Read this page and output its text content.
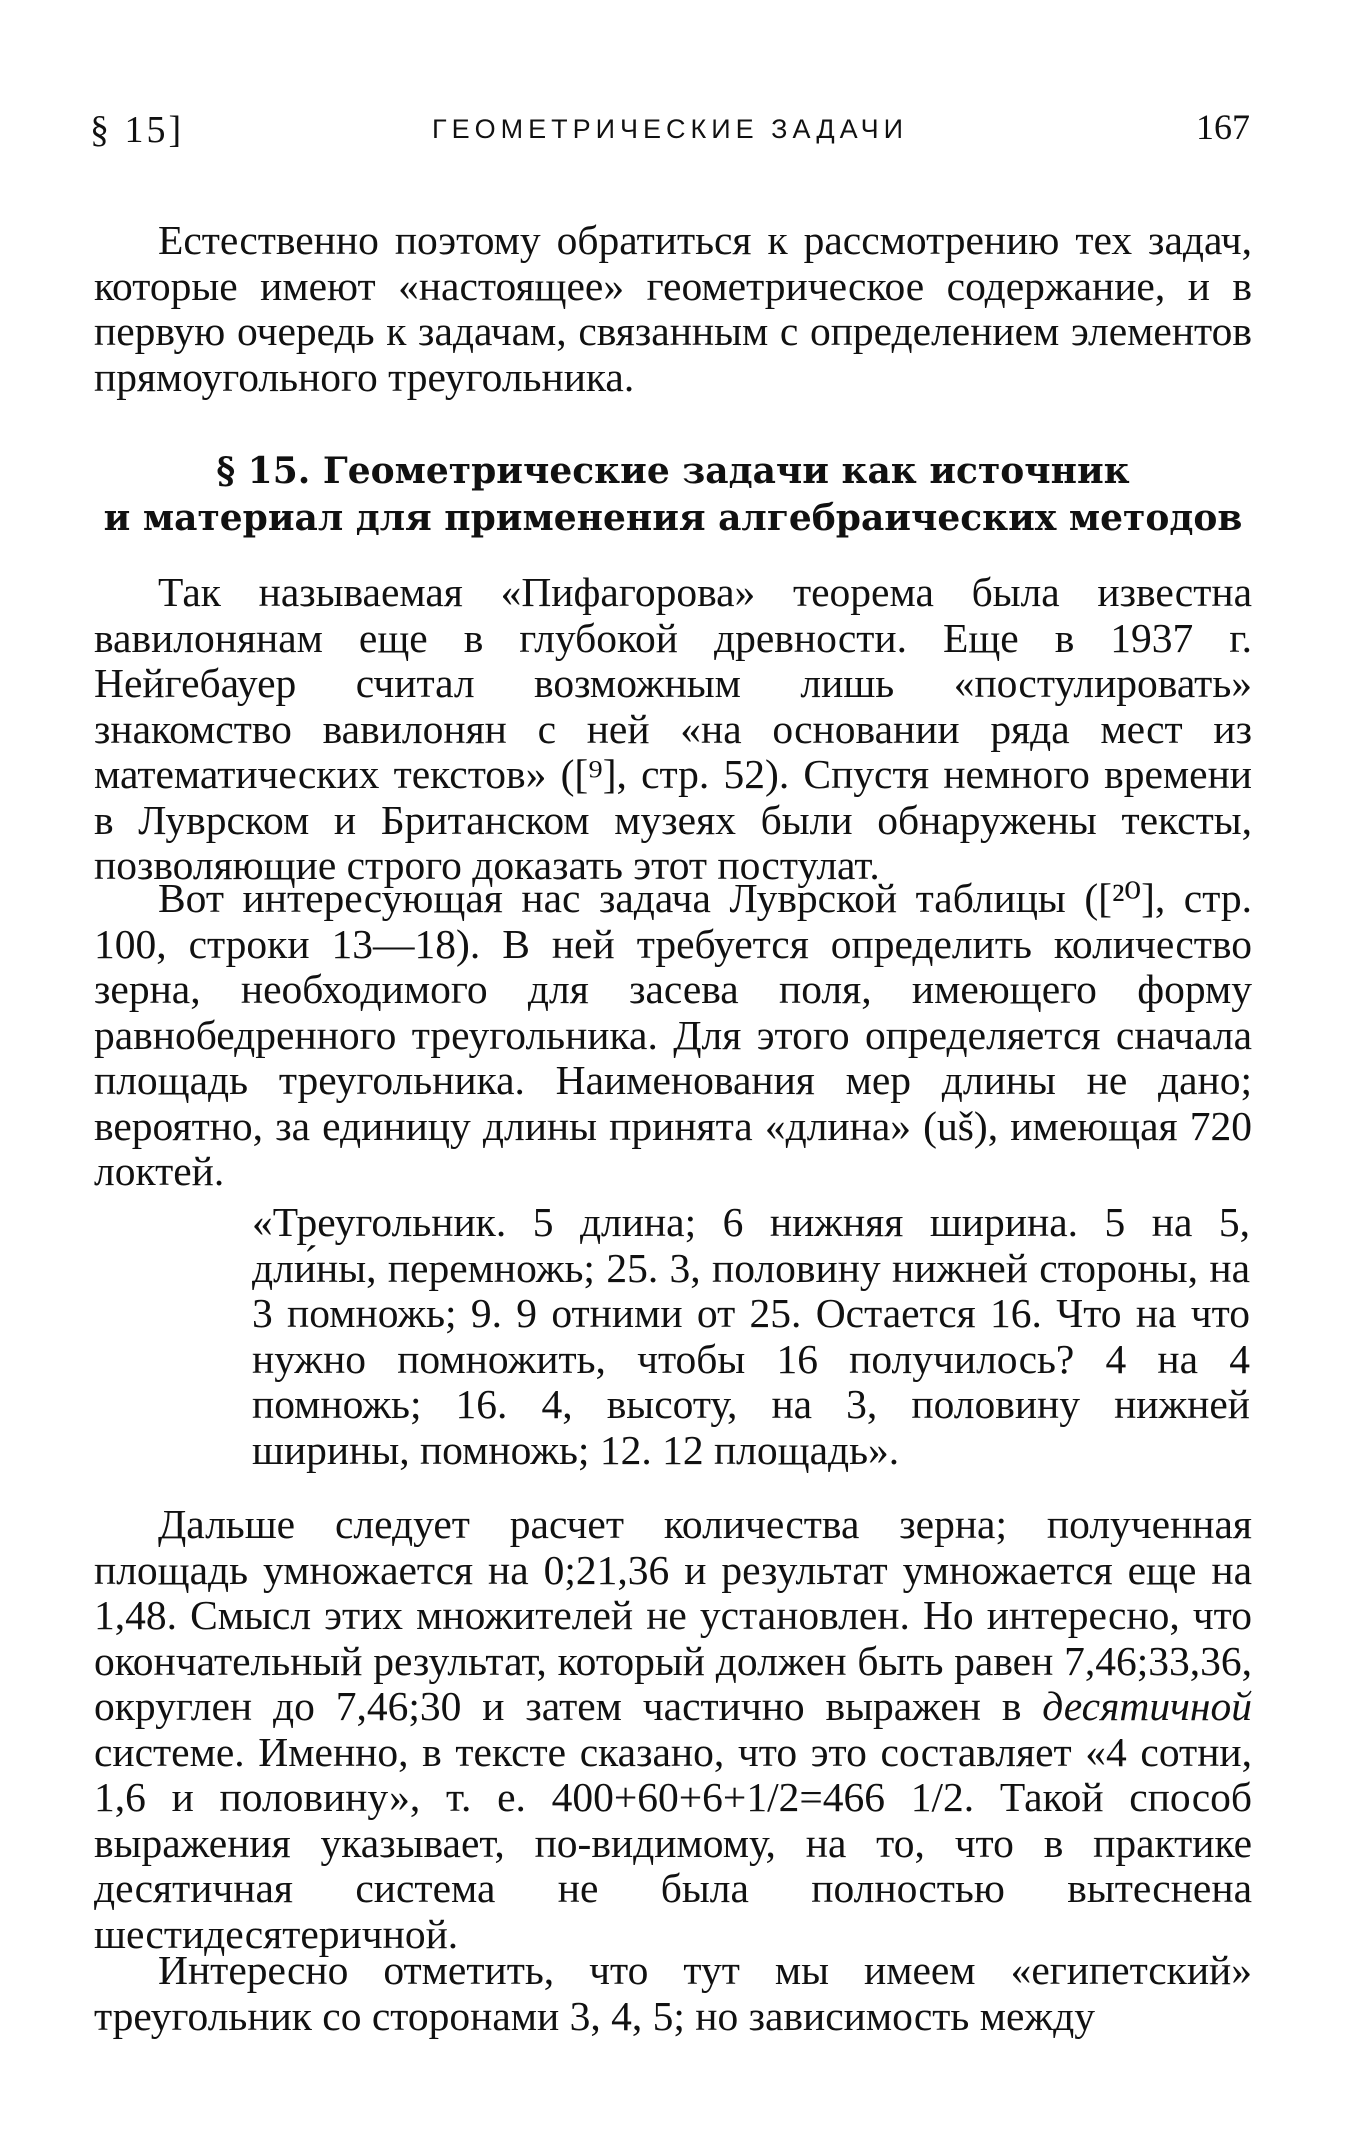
§ 15]	ГЕОМЕТРИЧЕСКИЕ ЗАДАЧИ	167

Естественно поэтому обратиться к рассмотрению тех задач, которые имеют «настоящее» геометрическое содержание, и в первую очередь к задачам, связанным с определением элементов прямоугольного треугольника.

§ 15. Геометрические задачи как источник
и материал для применения алгебраических методов

Так называемая «Пифагорова» теорема была известна вавилонянам еще в глубокой древности. Еще в 1937 г. Нейгебауер считал возможным лишь «постулировать» знакомство вавилонян с ней «на основании ряда мест из математических текстов» ([⁹], стр. 52). Спустя немного времени в Луврском и Британском музеях были обнаружены тексты, позволяющие строго доказать этот постулат.

Вот интересующая нас задача Луврской таблицы ([²⁰], стр. 100, строки 13—18). В ней требуется определить количество зерна, необходимого для засева поля, имеющего форму равнобедренного треугольника. Для этого определяется сначала площадь треугольника. Наименования мер длины не дано; вероятно, за единицу длины принята «длина» (uš), имеющая 720 локтей.

«Треугольник. 5 длина; 6 нижняя ширина. 5 на 5, дли́ны, перемножь; 25. 3, половину нижней стороны, на 3 помножь; 9. 9 отними от 25. Остается 16. Что на что нужно помножить, чтобы 16 получилось? 4 на 4 помножь; 16. 4, высоту, на 3, половину нижней ширины, помножь; 12. 12 площадь».

Дальше следует расчет количества зерна; полученная площадь умножается на 0;21,36 и результат умножается еще на 1,48. Смысл этих множителей не установлен. Но интересно, что окончательный результат, который должен быть равен 7,46;33,36, округлен до 7,46;30 и затем частично выражен в десятичной системе. Именно, в тексте сказано, что это составляет «4 сотни, 1,6 и половину», т. е. 400+60+6+1/2=466 1/2. Такой способ выражения указывает, по-видимому, на то, что в практике десятичная система не была полностью вытеснена шестидесятеричной.

Интересно отметить, что тут мы имеем «египетский» треугольник со сторонами 3, 4, 5; но зависимость между
